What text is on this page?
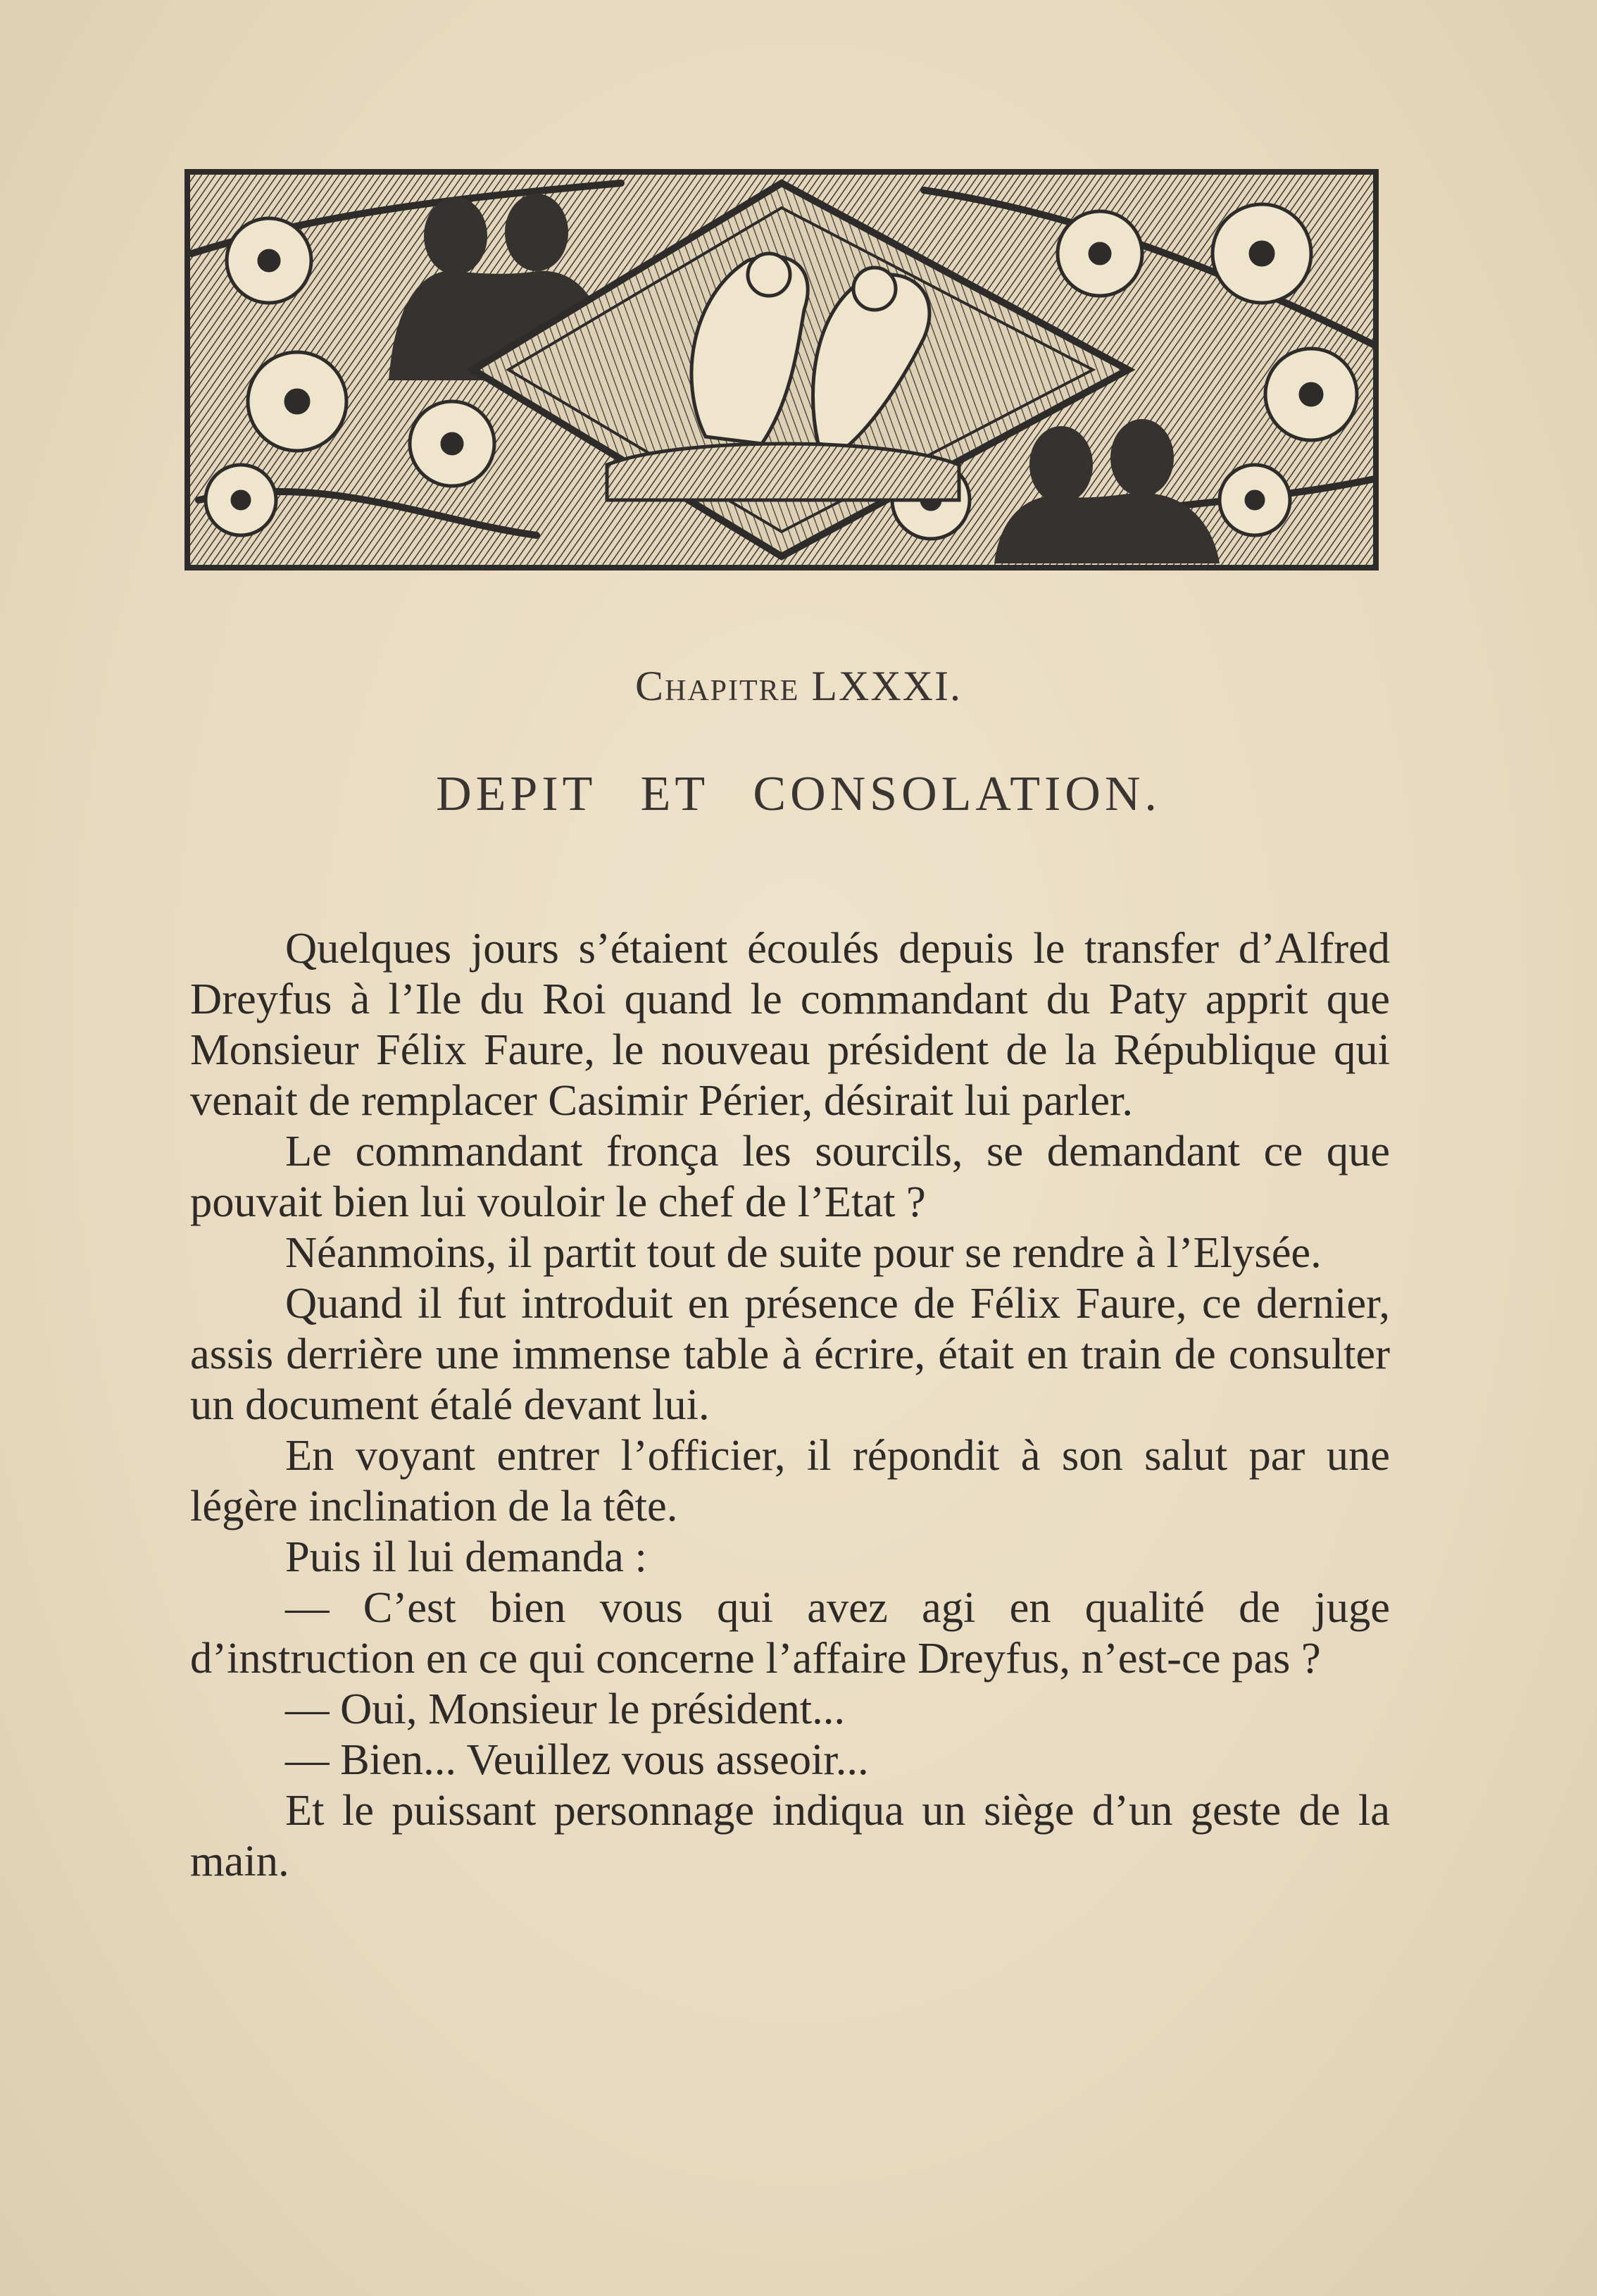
Chapitre LXXXI.
DEPIT ET CONSOLATION.

Quelques jours s’étaient écoulés depuis le transfer d’Alfred Dreyfus à l’Ile du Roi quand le commandant du Paty apprit que Monsieur Félix Faure, le nouveau président de la République qui venait de remplacer Casimir Périer, désirait lui parler.

Le commandant fronça les sourcils, se demandant ce que pouvait bien lui vouloir le chef de l’Etat ?

Néanmoins, il partit tout de suite pour se rendre à l’Elysée.

Quand il fut introduit en présence de Félix Faure, ce dernier, assis derrière une immense table à écrire, était en train de consulter un document étalé devant lui.

En voyant entrer l’officier, il répondit à son salut par une légère inclination de la tête.

Puis il lui demanda :

— C’est bien vous qui avez agi en qualité de juge d’instruction en ce qui concerne l’affaire Dreyfus, n’est-ce pas ?

— Oui, Monsieur le président...

— Bien... Veuillez vous asseoir...

Et le puissant personnage indiqua un siège d’un geste de la main.
